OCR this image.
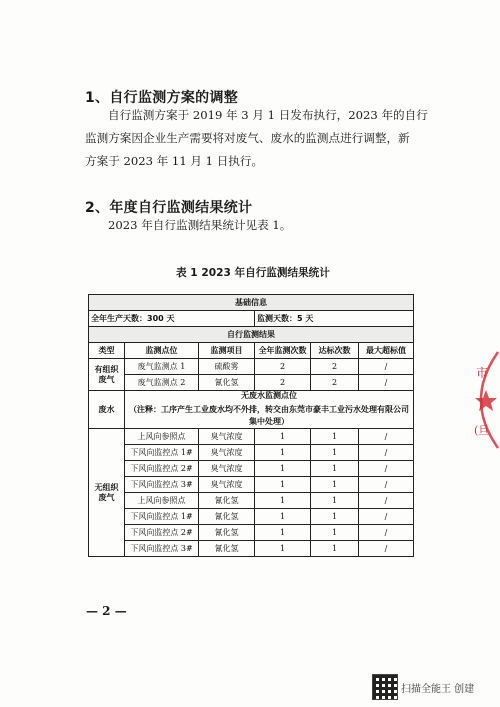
1、自行监测方案的调整
自行监测方案于 2019 年 3 月 1 日发布执行，2023 年的自行
监测方案因企业生产需要将对废气、废水的监测点进行调整，新
方案于 2023 年 11 月 1 日执行。
2、年度自行监测结果统计
2023 年自行监测结果统计见表 1。
表 1 2023 年自行监测结果统计
基础信息					
全年生产天数：300 天			监测天数：5 天		
自行监测结果					
类型	监测点位	监测项目	全年监测次数	达标次数	最大超标值
有组织废气	废气监测点 1	硫酸雾	2	2	/
	废气监测点 2	氰化氢	2	2	/
废水	无废水监测点位
（注释：工序产生工业废水均不外排，转交由东莞市豪丰工业污水处理有限公司集中处理）				

无组织废气	上风向参照点	臭气浓度	1	1	/
	下风向监控点 1#	臭气浓度	1	1	/
	下风向监控点 2#	臭气浓度	1	1	/
	下风向监控点 3#	臭气浓度	1	1	/
	上风向参照点	氰化氢	1	1	/
	下风向监控点 1#	氰化氢	1	1	/
	下风向监控点 2#	氰化氢	1	1	/
	下风向监控点 3#	氰化氢	1	1	/
市
(旦
— 2 —
扫描全能王 创建
